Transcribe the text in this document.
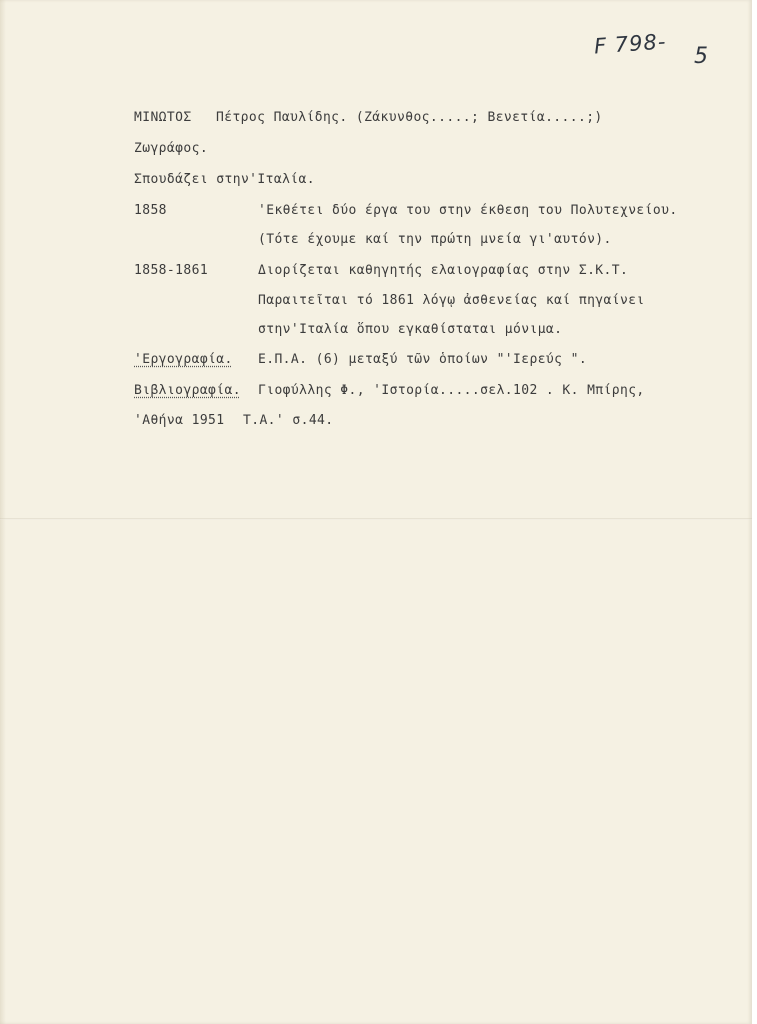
F 798- 5
ΜΙΝΩΤΟΣ Πέτρος Παυλίδης. (Ζάκυνθος.....; Βενετία.....;)
Ζωγράφος.
Σπουδάζει στην'Ιταλία.
1858	'Εκθέτει δύο έργα του στην έκθεση του Πολυτεχνείου.
(Τότε έχουμε καί την πρώτη μνεία γι'αυτόν).
1858-1861	Διορίζεται καθηγητής ελαιογραφίας στην Σ.Κ.Τ.
Παραιτεῖται τό 1861 λόγῳ ἀσθενείας καί πηγαίνει
στην'Ιταλία ὅπου εγκαθίσταται μόνιμα.
'Εργογραφία. Ε.Π.Α. (6) μεταξύ τῶν ὁποίων "'Ιερεύς ".
Βιβλιογραφία. Γιοφύλλης Φ., 'Ιστορία.....σελ.102 . Κ. Μπίρης,
'Αθήνα 1951 Τ.Α.' σ.44.
